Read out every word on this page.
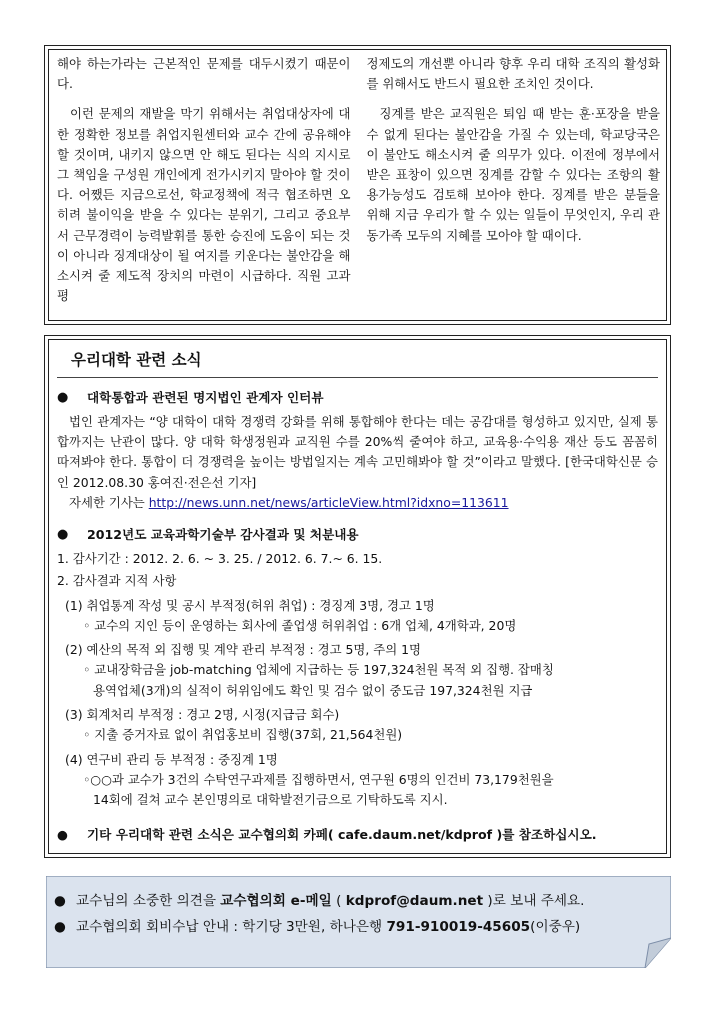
해야 하는가라는 근본적인 문제를 대두시켰기 때문이다.

이런 문제의 재발을 막기 위해서는 취업대상자에 대한 정확한 정보를 취업지원센터와 교수 간에 공유해야 할 것이며, 내키지 않으면 안 해도 된다는 식의 지시로 그 책임을 구성원 개인에게 전가시키지 말아야 할 것이다. 어쨌든 지금으로선, 학교정책에 적극 협조하면 오히려 불이익을 받을 수 있다는 분위기, 그리고 중요부서 근무경력이 능력발휘를 통한 승진에 도움이 되는 것이 아니라 징계대상이 될 여지를 키운다는 불안감을 해소시켜 줄 제도적 장치의 마련이 시급하다. 직원 고과평

정제도의 개선뿐 아니라 향후 우리 대학 조직의 활성화를 위해서도 반드시 필요한 조치인 것이다.

징계를 받은 교직원은 퇴임 때 받는 훈·포장을 받을 수 없게 된다는 불안감을 가질 수 있는데, 학교당국은 이 불안도 해소시켜 줄 의무가 있다. 이전에 정부에서 받은 표창이 있으면 징계를 감할 수 있다는 조항의 활용가능성도 검토해 보아야 한다. 징계를 받은 분들을 위해 지금 우리가 할 수 있는 일들이 무엇인지, 우리 관동가족 모두의 지혜를 모아야 할 때이다.

우리대학 관련 소식
●	대학통합과 관련된 명지법인 관계자 인터뷰
법인 관계자는 “양 대학이 대학 경쟁력 강화를 위해 통합해야 한다는 데는 공감대를 형성하고 있지만, 실제 통합까지는 난관이 많다. 양 대학 학생정원과 교직원 수를 20%씩 줄여야 하고, 교육용·수익용 재산 등도 꼼꼼히 따져봐야 한다. 통합이 더 경쟁력을 높이는 방법일지는 계속 고민해봐야 할 것”이라고 말했다. [한국대학신문 승인 2012.08.30 홍여진·전은선 기자]
자세한 기사는 http://news.unn.net/news/articleView.html?idxno=113611
●	2012년도 교육과학기술부 감사결과 및 처분내용
1. 감사기간 : 2012. 2. 6. ~ 3. 25. / 2012. 6. 7.~ 6. 15.
2. 감사결과 지적 사항
(1) 취업통계 작성 및 공시 부적정(허위 취업) : 경징계 3명, 경고 1명
◦ 교수의 지인 등이 운영하는 회사에 졸업생 허위취업 : 6개 업체, 4개학과, 20명
(2) 예산의 목적 외 집행 및 계약 관리 부적정 : 경고 5명, 주의 1명
◦ 교내장학금을 job-matching 업체에 지급하는 등 197,324천원 목적 외 집행. 잡매칭
용역업체(3개)의 실적이 허위임에도 확인 및 검수 없이 중도금 197,324천원 지급
(3) 회계처리 부적정 : 경고 2명, 시정(지급금 회수)
◦ 지출 증거자료 없이 취업홍보비 집행(37회, 21,564천원)
(4) 연구비 관리 등 부적정 : 중징계 1명
◦○○과 교수가 3건의 수탁연구과제를 집행하면서, 연구원 6명의 인건비 73,179천원을
14회에 걸쳐 교수 본인명의로 대학발전기금으로 기탁하도록 지시.
●	기타 우리대학 관련 소식은 교수협의회 카페( cafe.daum.net/kdprof )를 참조하십시오.
● 교수님의 소중한 의견을 교수협의회 e-메일 ( kdprof@daum.net )로 보내 주세요.
● 교수협의회 회비수납 안내 : 학기당 3만원, 하나은행 791-910019-45605(이중우)
